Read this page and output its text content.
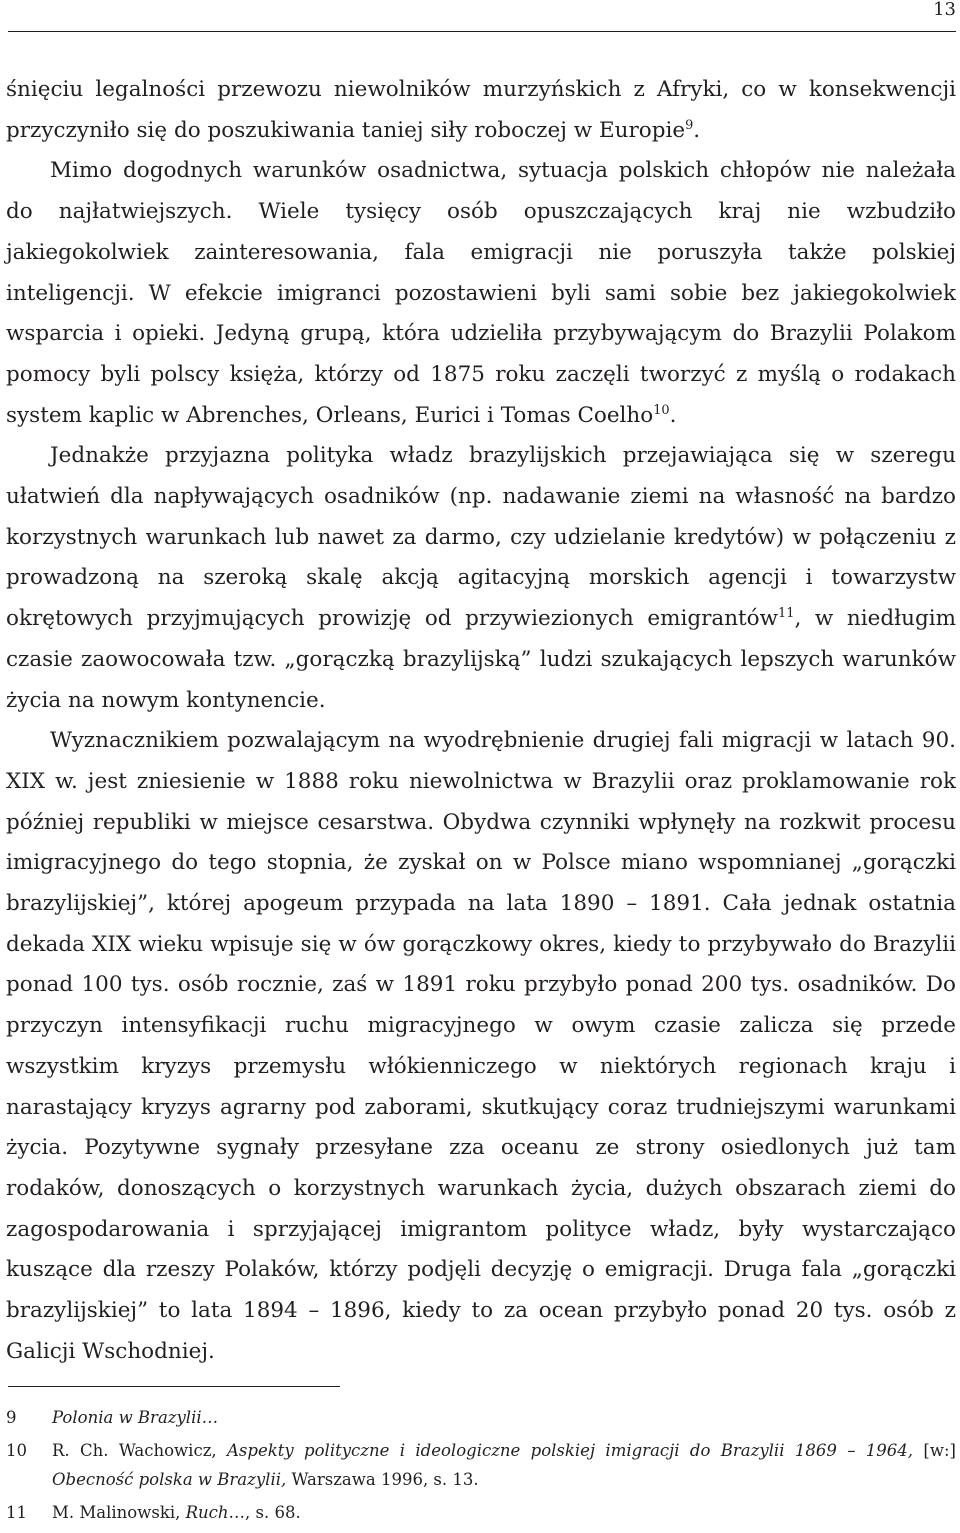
13

śnięciu legalności przewozu niewolników murzyńskich z Afryki, co w konsekwencji przyczyniło się do poszukiwania taniej siły roboczej w Europie$^9$.

Mimo dogodnych warunków osadnictwa, sytuacja polskich chłopów nie należała do najłatwiejszych. Wiele tysięcy osób opuszczających kraj nie wzbudziło jakiegokolwiek zainteresowania, fala emigracji nie poruszyła także polskiej inteligencji. W efekcie imigranci pozostawieni byli sami sobie bez jakiegokolwiek wsparcia i opieki. Jedyną grupą, która udzieliła przybywającym do Brazylii Polakom pomocy byli polscy księża, którzy od 1875 roku zaczęli tworzyć z myślą o rodakach system kaplic w Abrenches, Orleans, Eurici i Tomas Coelho$^{10}$.

Jednakże przyjazna polityka władz brazylijskich przejawiająca się w szeregu ułatwień dla napływających osadników (np. nadawanie ziemi na własność na bardzo korzystnych warunkach lub nawet za darmo, czy udzielanie kredytów) w połączeniu z prowadzoną na szeroką skalę akcją agitacyjną morskich agencji i towarzystw okrętowych przyjmujących prowizję od przywiezionych emigrantów$^{11}$, w niedługim czasie zaowocowała tzw. „gorączką brazylijską” ludzi szukających lepszych warunków życia na nowym kontynencie.

Wyznacznikiem pozwalającym na wyodrębnienie drugiej fali migracji w latach 90. XIX w. jest zniesienie w 1888 roku niewolnictwa w Brazylii oraz proklamowanie rok później republiki w miejsce cesarstwa. Obydwa czynniki wpłynęły na rozkwit procesu imigracyjnego do tego stopnia, że zyskał on w Polsce miano wspomnianej „gorączki brazylijskiej”, której apogeum przypada na lata 1890 – 1891. Cała jednak ostatnia dekada XIX wieku wpisuje się w ów gorączkowy okres, kiedy to przybywało do Brazylii ponad 100 tys. osób rocznie, zaś w 1891 roku przybyło ponad 200 tys. osadników. Do przyczyn intensyfikacji ruchu migracyjnego w owym czasie zalicza się przede wszystkim kryzys przemysłu włókienniczego w niektórych regionach kraju i narastający kryzys agrarny pod zaborami, skutkujący coraz trudniejszymi warunkami życia. Pozytywne sygnały przesyłane zza oceanu ze strony osiedlonych już tam rodaków, donoszących o korzystnych warunkach życia, dużych obszarach ziemi do zagospodarowania i sprzyjającej imigrantom polityce władz, były wystarczająco kuszące dla rzeszy Polaków, którzy podjęli decyzję o emigracji. Druga fala „gorączki brazylijskiej” to lata 1894 – 1896, kiedy to za ocean przybyło ponad 20 tys. osób z Galicji Wschodniej.

9	Polonia w Brazylii…
10	R. Ch. Wachowicz, Aspekty polityczne i ideologiczne polskiej imigracji do Brazylii 1869 – 1964, [w:] Obecność polska w Brazylii, Warszawa 1996, s. 13.
11	M. Malinowski, Ruch…, s. 68.
